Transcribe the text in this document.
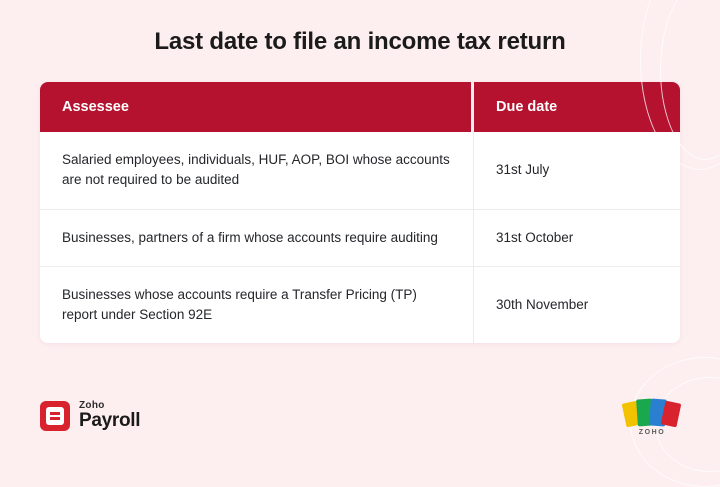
Last date to file an income tax return
Assessee	Due date
Salaried employees, individuals, HUF, AOP, BOI whose accounts are not required to be audited	31st July
Businesses, partners of a firm whose accounts require auditing	31st October
Businesses whose accounts require a Transfer Pricing (TP) report under Section 92E	30th November
Zoho
Payroll
ZOHO
